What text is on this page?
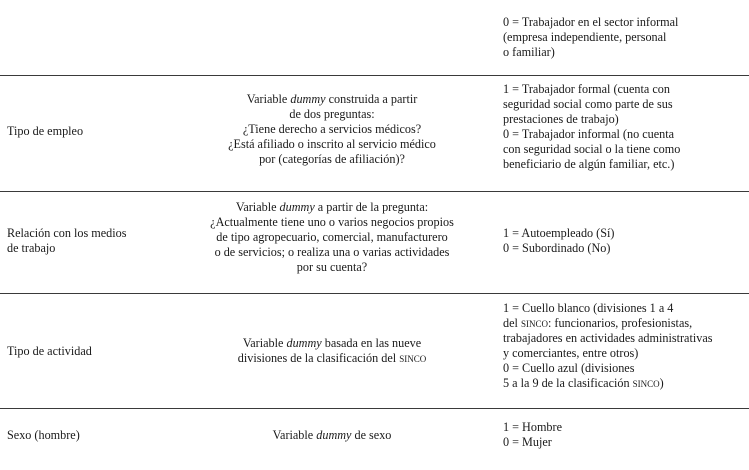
0 = Trabajador en el sector informal
(empresa independiente, personal
o familiar)
Tipo de empleo
Variable dummy construida a partir
de dos preguntas:
¿Tiene derecho a servicios médicos?
¿Está afiliado o inscrito al servicio médico
por (categorías de afiliación)?
1 = Trabajador formal (cuenta con
seguridad social como parte de sus
prestaciones de trabajo)
0 = Trabajador informal (no cuenta
con seguridad social o la tiene como
beneficiario de algún familiar, etc.)
Relación con los medios
de trabajo
Variable dummy a partir de la pregunta:
¿Actualmente tiene uno o varios negocios propios
de tipo agropecuario, comercial, manufacturero
o de servicios; o realiza una o varias actividades
por su cuenta?
1 = Autoempleado (Sí)
0 = Subordinado (No)
Tipo de actividad
Variable dummy basada en las nueve
divisiones de la clasificación del sinco
1 = Cuello blanco (divisiones 1 a 4
del sinco: funcionarios, profesionistas,
trabajadores en actividades administrativas
y comerciantes, entre otros)
0 = Cuello azul (divisiones
5 a la 9 de la clasificación sinco)
Sexo (hombre)	Variable dummy de sexo
1 = Hombre
0 = Mujer
